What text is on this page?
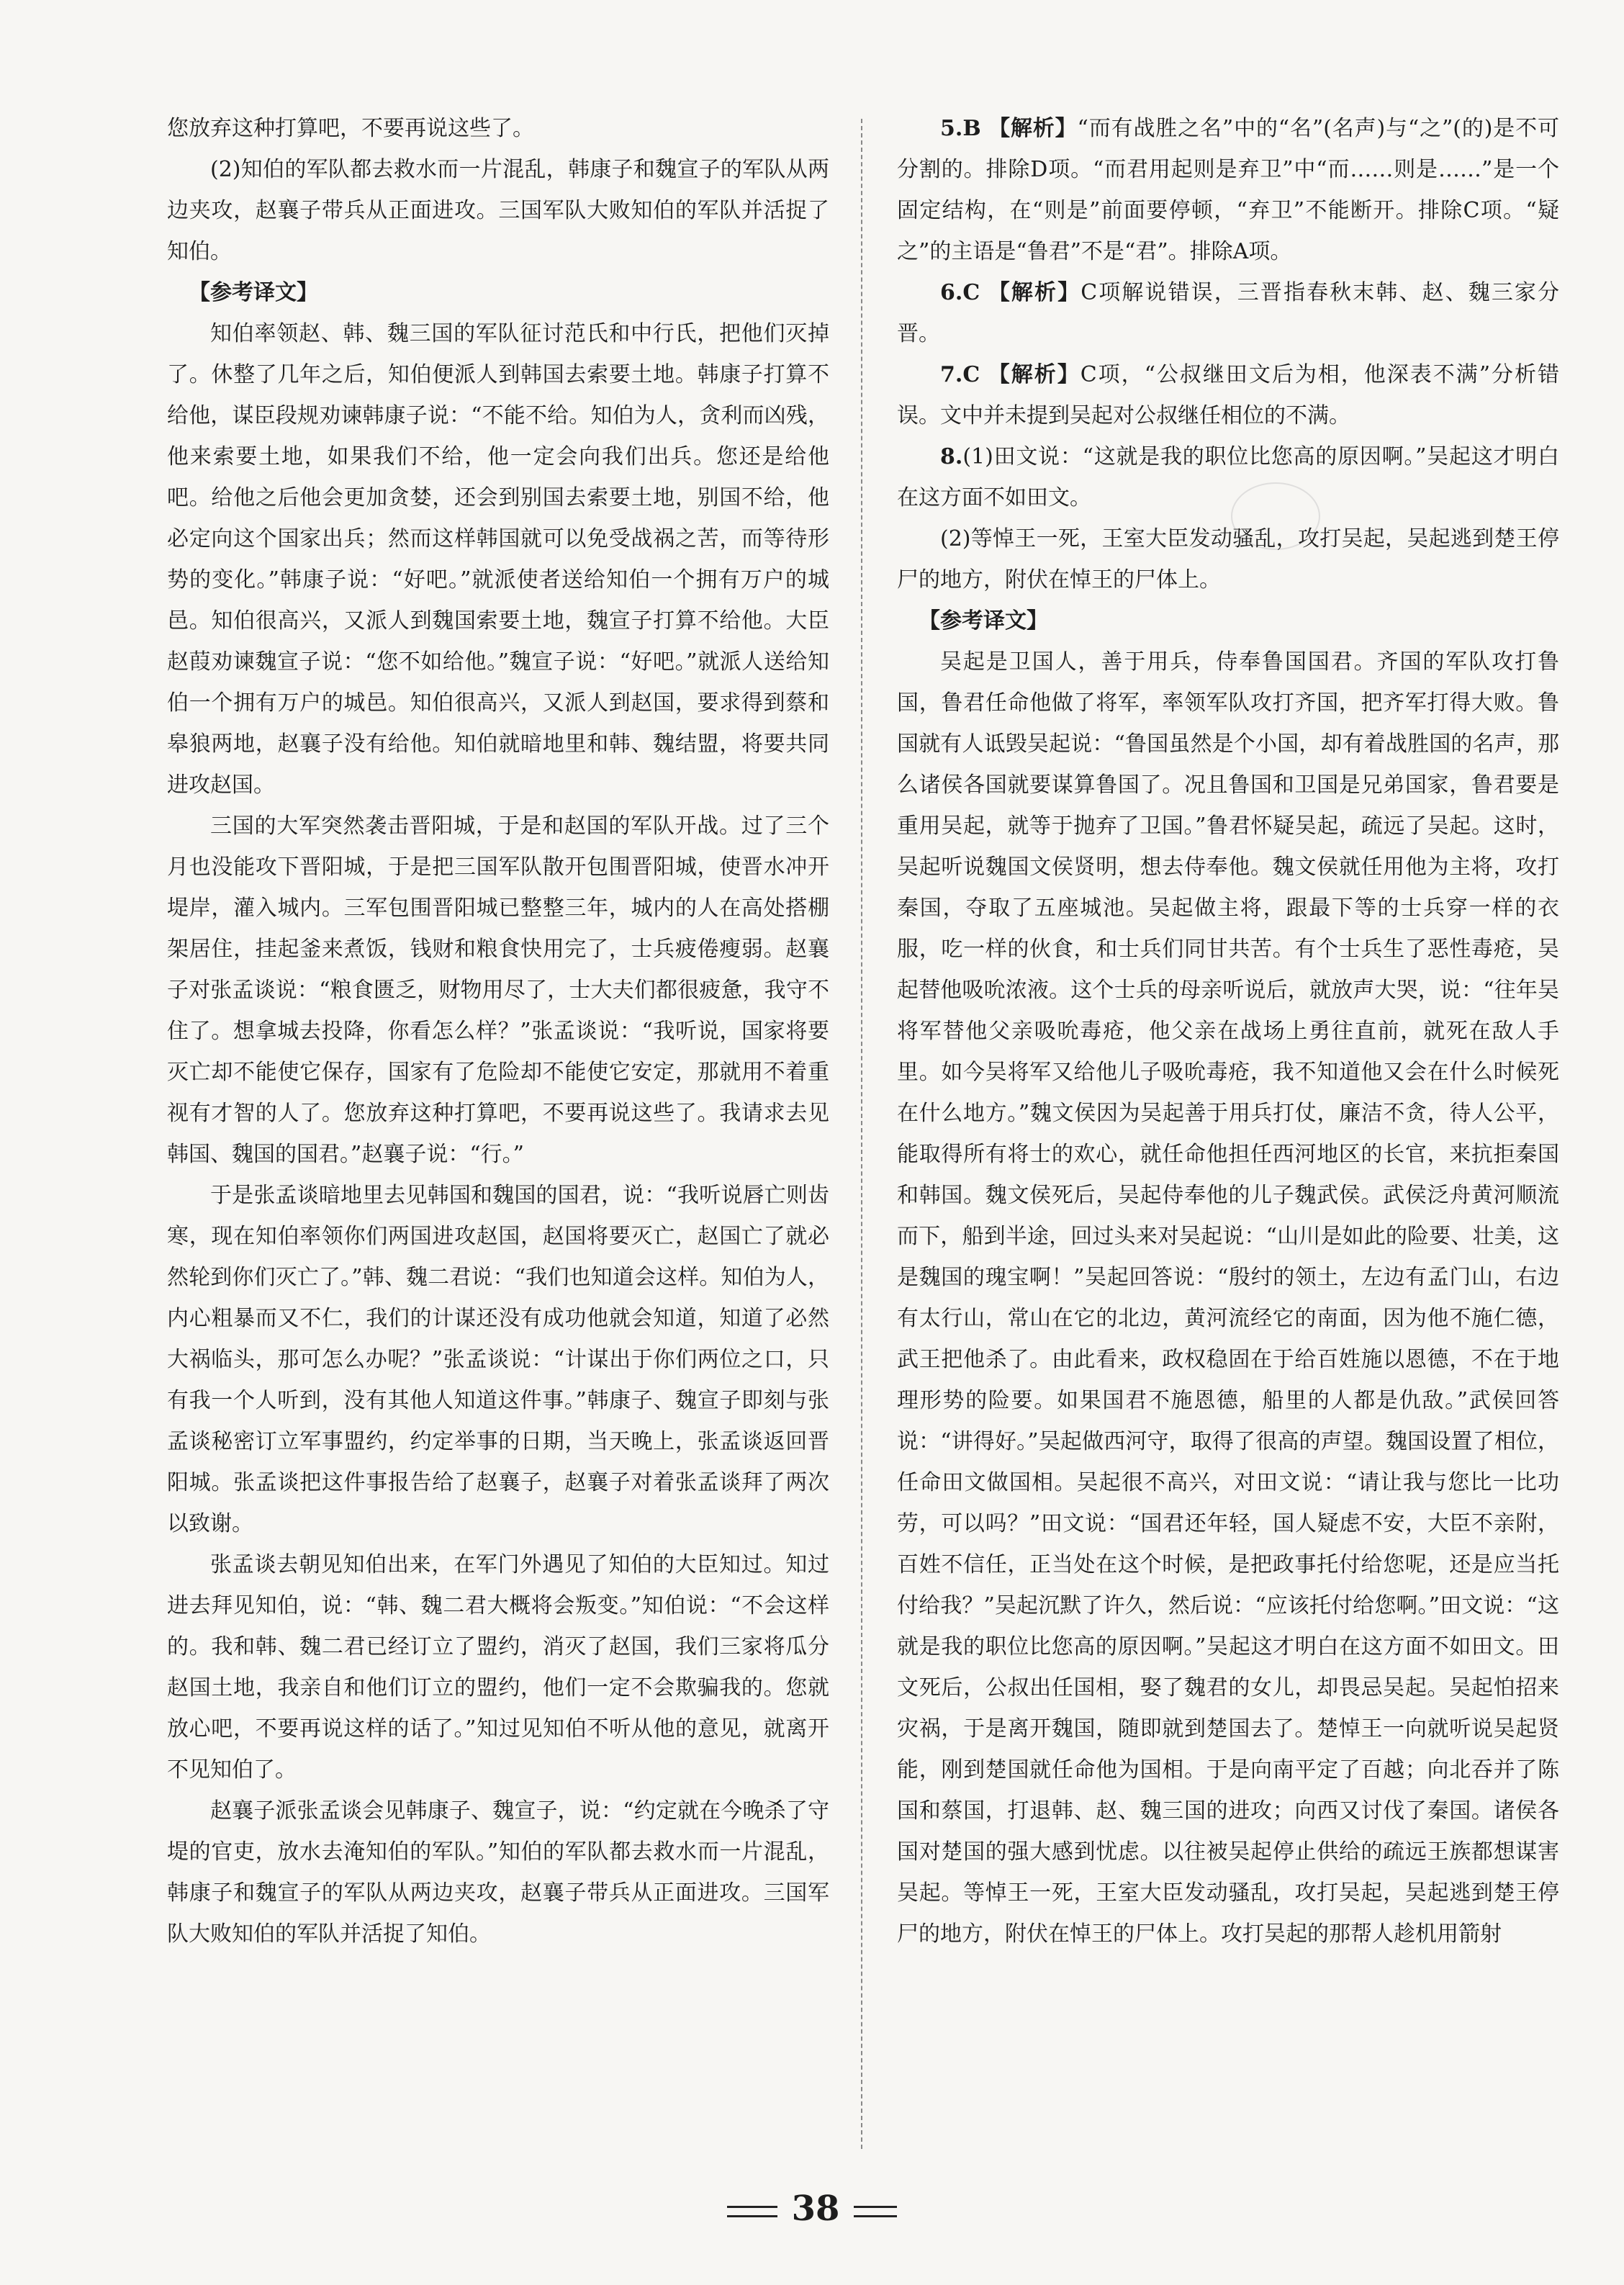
您放弃这种打算吧，不要再说这些了。

(2)知伯的军队都去救水而一片混乱，韩康子和魏宣子的军队从两边夹攻，赵襄子带兵从正面进攻。三国军队大败知伯的军队并活捉了知伯。

【参考译文】

知伯率领赵、韩、魏三国的军队征讨范氏和中行氏，把他们灭掉了。休整了几年之后，知伯便派人到韩国去索要土地。韩康子打算不给他，谋臣段规劝谏韩康子说：“不能不给。知伯为人，贪利而凶残，他来索要土地，如果我们不给，他一定会向我们出兵。您还是给他吧。给他之后他会更加贪婪，还会到别国去索要土地，别国不给，他必定向这个国家出兵；然而这样韩国就可以免受战祸之苦，而等待形势的变化。”韩康子说：“好吧。”就派使者送给知伯一个拥有万户的城邑。知伯很高兴，又派人到魏国索要土地，魏宣子打算不给他。大臣赵葭劝谏魏宣子说：“您不如给他。”魏宣子说：“好吧。”就派人送给知伯一个拥有万户的城邑。知伯很高兴，又派人到赵国，要求得到蔡和皋狼两地，赵襄子没有给他。知伯就暗地里和韩、魏结盟，将要共同进攻赵国。

三国的大军突然袭击晋阳城，于是和赵国的军队开战。过了三个月也没能攻下晋阳城，于是把三国军队散开包围晋阳城，使晋水冲开堤岸，灌入城内。三军包围晋阳城已整整三年，城内的人在高处搭棚架居住，挂起釜来煮饭，钱财和粮食快用完了，士兵疲倦瘦弱。赵襄子对张孟谈说：“粮食匮乏，财物用尽了，士大夫们都很疲惫，我守不住了。想拿城去投降，你看怎么样？”张孟谈说：“我听说，国家将要灭亡却不能使它保存，国家有了危险却不能使它安定，那就用不着重视有才智的人了。您放弃这种打算吧，不要再说这些了。我请求去见韩国、魏国的国君。”赵襄子说：“行。”

于是张孟谈暗地里去见韩国和魏国的国君，说：“我听说唇亡则齿寒，现在知伯率领你们两国进攻赵国，赵国将要灭亡，赵国亡了就必然轮到你们灭亡了。”韩、魏二君说：“我们也知道会这样。知伯为人，内心粗暴而又不仁，我们的计谋还没有成功他就会知道，知道了必然大祸临头，那可怎么办呢？”张孟谈说：“计谋出于你们两位之口，只有我一个人听到，没有其他人知道这件事。”韩康子、魏宣子即刻与张孟谈秘密订立军事盟约，约定举事的日期，当天晚上，张孟谈返回晋阳城。张孟谈把这件事报告给了赵襄子，赵襄子对着张孟谈拜了两次以致谢。

张孟谈去朝见知伯出来，在军门外遇见了知伯的大臣知过。知过进去拜见知伯，说：“韩、魏二君大概将会叛变。”知伯说：“不会这样的。我和韩、魏二君已经订立了盟约，消灭了赵国，我们三家将瓜分赵国土地，我亲自和他们订立的盟约，他们一定不会欺骗我的。您就放心吧，不要再说这样的话了。”知过见知伯不听从他的意见，就离开不见知伯了。

赵襄子派张孟谈会见韩康子、魏宣子，说：“约定就在今晚杀了守堤的官吏，放水去淹知伯的军队。”知伯的军队都去救水而一片混乱，韩康子和魏宣子的军队从两边夹攻，赵襄子带兵从正面进攻。三国军队大败知伯的军队并活捉了知伯。

5.B 【解析】“而有战胜之名”中的“名”(名声)与“之”(的)是不可分割的。排除D项。“而君用起则是弃卫”中“而……则是……”是一个固定结构，在“则是”前面要停顿，“弃卫”不能断开。排除C项。“疑之”的主语是“鲁君”不是“君”。排除A项。

6.C 【解析】C项解说错误，三晋指春秋末韩、赵、魏三家分晋。

7.C 【解析】C项，“公叔继田文后为相，他深表不满”分析错误。文中并未提到吴起对公叔继任相位的不满。

8.(1)田文说：“这就是我的职位比您高的原因啊。”吴起这才明白在这方面不如田文。

(2)等悼王一死，王室大臣发动骚乱，攻打吴起，吴起逃到楚王停尸的地方，附伏在悼王的尸体上。

【参考译文】

吴起是卫国人，善于用兵，侍奉鲁国国君。齐国的军队攻打鲁国，鲁君任命他做了将军，率领军队攻打齐国，把齐军打得大败。鲁国就有人诋毁吴起说：“鲁国虽然是个小国，却有着战胜国的名声，那么诸侯各国就要谋算鲁国了。况且鲁国和卫国是兄弟国家，鲁君要是重用吴起，就等于抛弃了卫国。”鲁君怀疑吴起，疏远了吴起。这时，吴起听说魏国文侯贤明，想去侍奉他。魏文侯就任用他为主将，攻打秦国，夺取了五座城池。吴起做主将，跟最下等的士兵穿一样的衣服，吃一样的伙食，和士兵们同甘共苦。有个士兵生了恶性毒疮，吴起替他吸吮浓液。这个士兵的母亲听说后，就放声大哭，说：“往年吴将军替他父亲吸吮毒疮，他父亲在战场上勇往直前，就死在敌人手里。如今吴将军又给他儿子吸吮毒疮，我不知道他又会在什么时候死在什么地方。”魏文侯因为吴起善于用兵打仗，廉洁不贪，待人公平，能取得所有将士的欢心，就任命他担任西河地区的长官，来抗拒秦国和韩国。魏文侯死后，吴起侍奉他的儿子魏武侯。武侯泛舟黄河顺流而下，船到半途，回过头来对吴起说：“山川是如此的险要、壮美，这是魏国的瑰宝啊！”吴起回答说：“殷纣的领土，左边有孟门山，右边有太行山，常山在它的北边，黄河流经它的南面，因为他不施仁德，武王把他杀了。由此看来，政权稳固在于给百姓施以恩德，不在于地理形势的险要。如果国君不施恩德，船里的人都是仇敌。”武侯回答说：“讲得好。”吴起做西河守，取得了很高的声望。魏国设置了相位，任命田文做国相。吴起很不高兴，对田文说：“请让我与您比一比功劳，可以吗？”田文说：“国君还年轻，国人疑虑不安，大臣不亲附，百姓不信任，正当处在这个时候，是把政事托付给您呢，还是应当托付给我？”吴起沉默了许久，然后说：“应该托付给您啊。”田文说：“这就是我的职位比您高的原因啊。”吴起这才明白在这方面不如田文。田文死后，公叔出任国相，娶了魏君的女儿，却畏忌吴起。吴起怕招来灾祸，于是离开魏国，随即就到楚国去了。楚悼王一向就听说吴起贤能，刚到楚国就任命他为国相。于是向南平定了百越；向北吞并了陈国和蔡国，打退韩、赵、魏三国的进攻；向西又讨伐了秦国。诸侯各国对楚国的强大感到忧虑。以往被吴起停止供给的疏远王族都想谋害吴起。等悼王一死，王室大臣发动骚乱，攻打吴起，吴起逃到楚王停尸的地方，附伏在悼王的尸体上。攻打吴起的那帮人趁机用箭射

38
